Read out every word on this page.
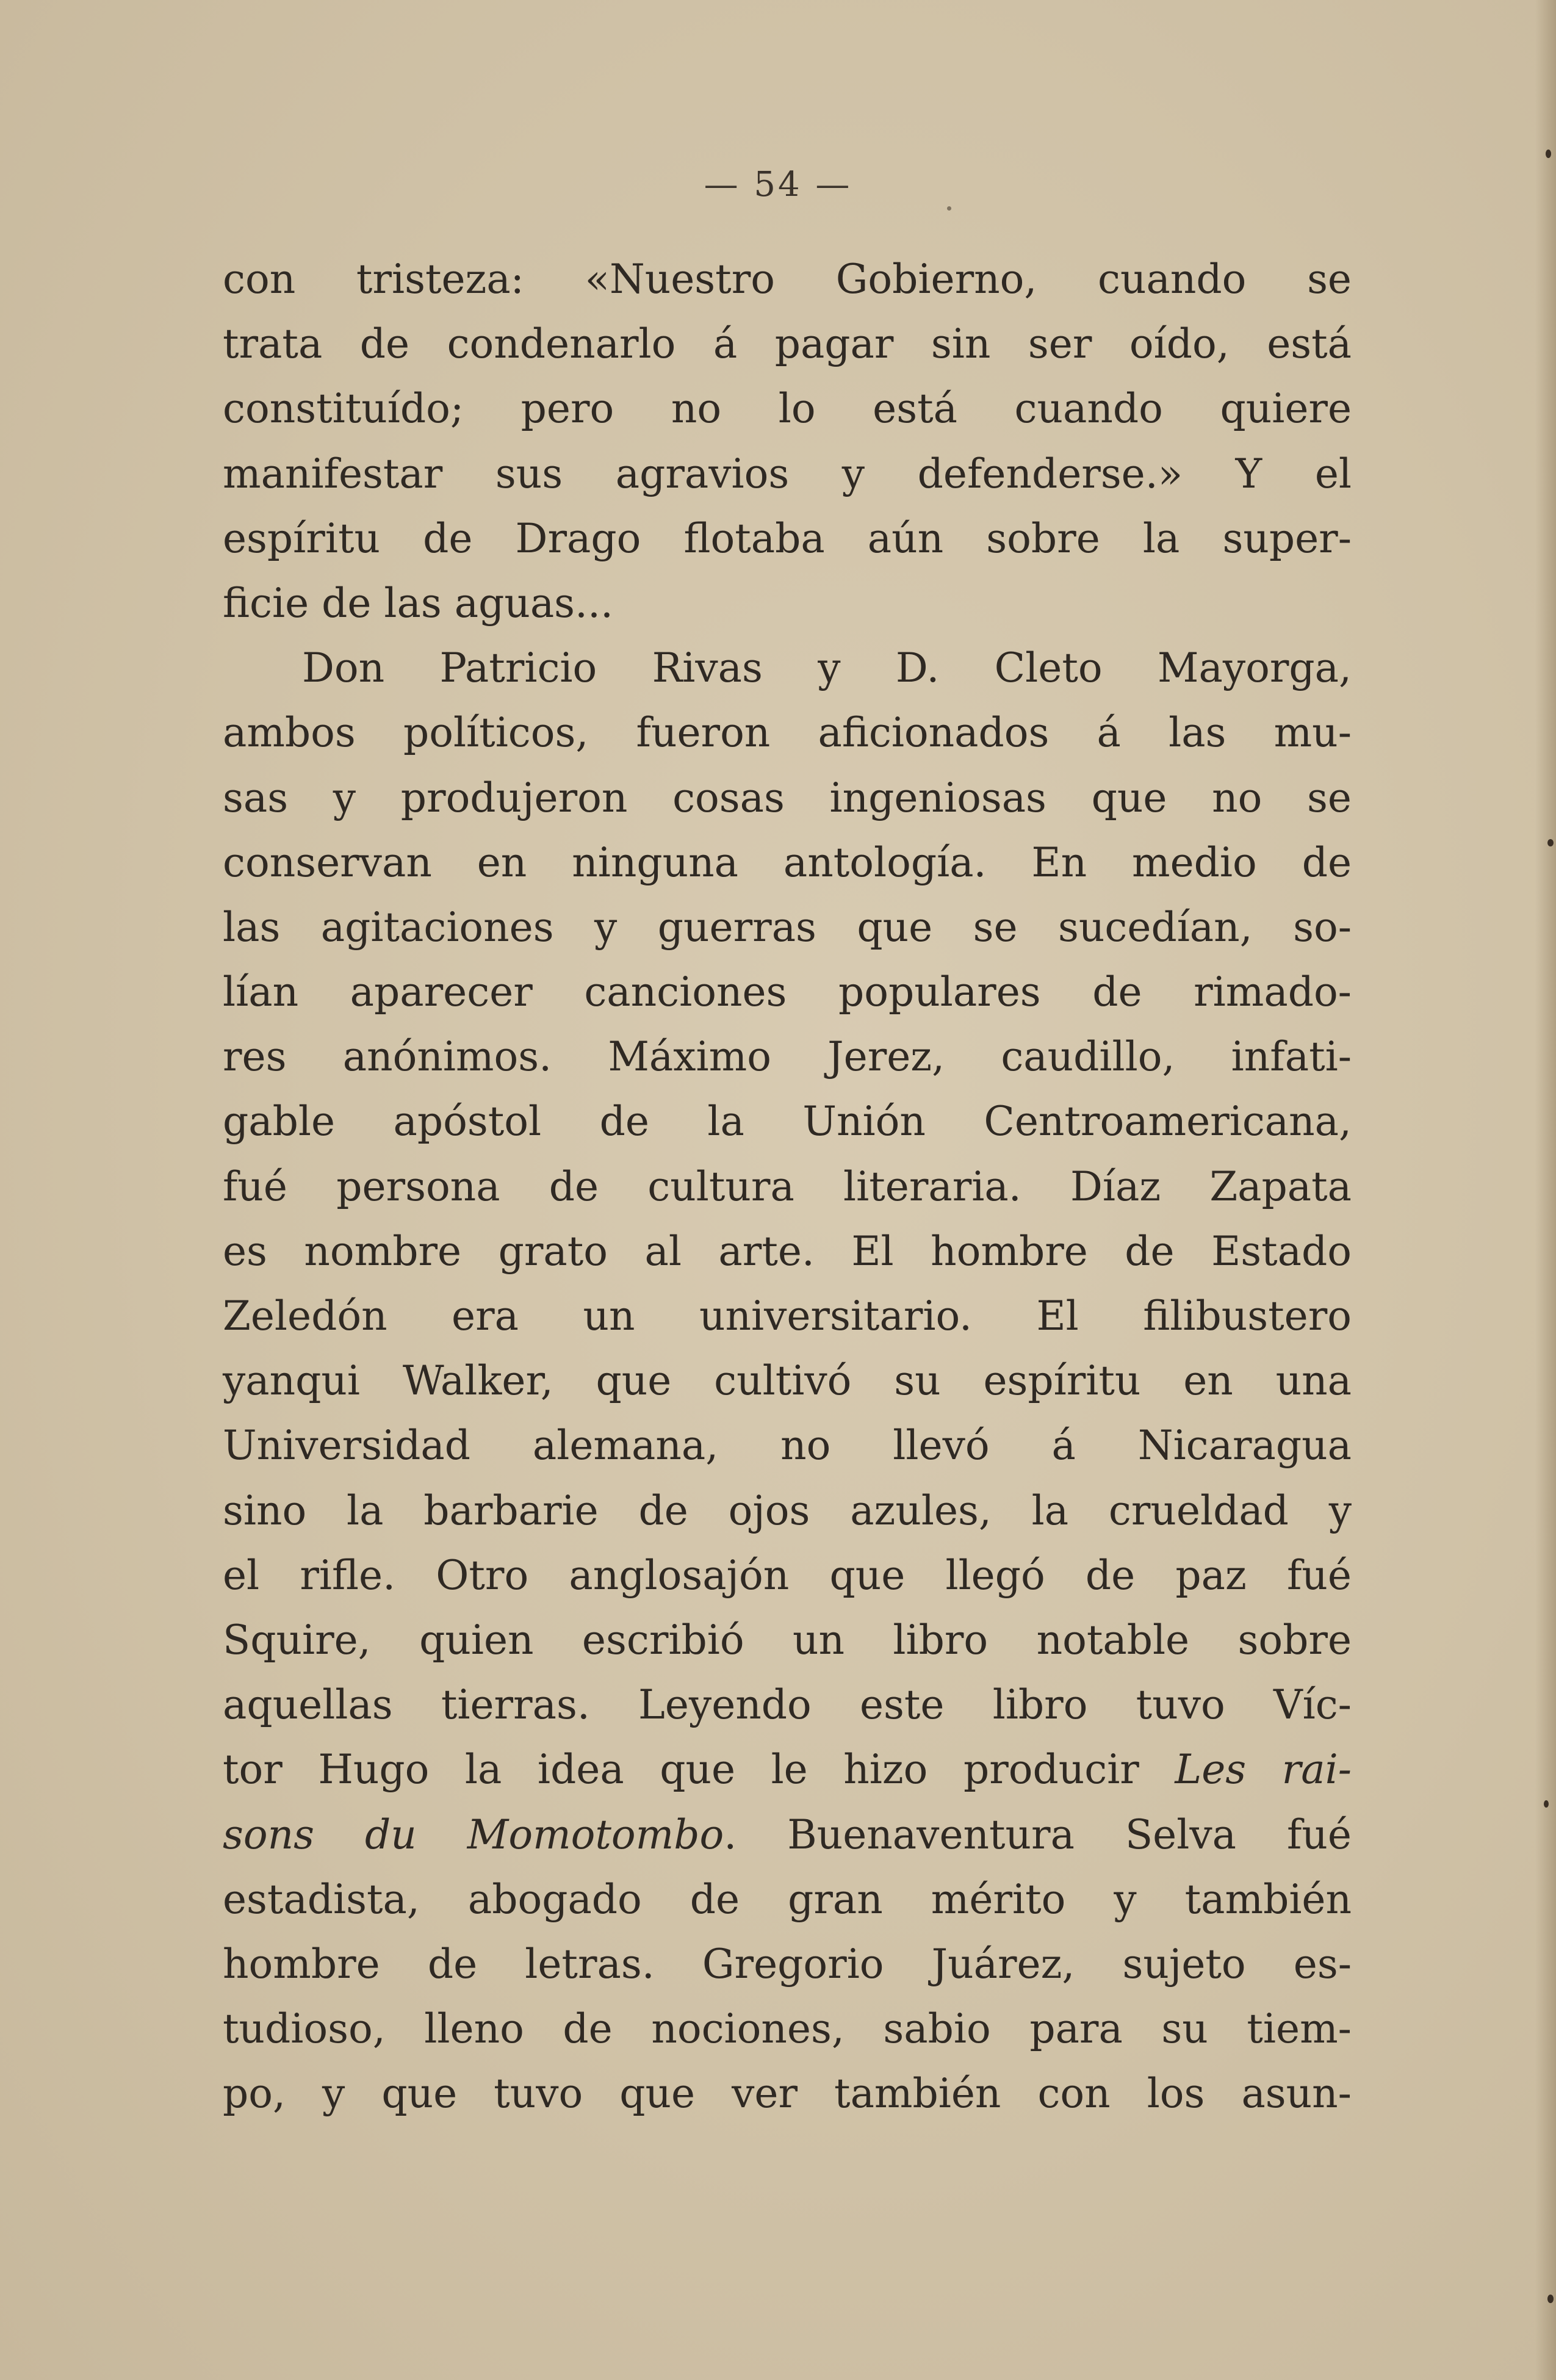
— 54 —
con tristeza: «Nuestro Gobierno, cuando se
trata de condenarlo á pagar sin ser oído, está
constituído; pero no lo está cuando quiere
manifestar sus agravios y defenderse.» Y el
espíritu de Drago flotaba aún sobre la super-
ficie de las aguas...
Don Patricio Rivas y D. Cleto Mayorga,
ambos políticos, fueron aficionados á las mu-
sas y produjeron cosas ingeniosas que no se
conservan en ninguna antología. En medio de
las agitaciones y guerras que se sucedían, so-
lían aparecer canciones populares de rimado-
res anónimos. Máximo Jerez, caudillo, infati-
gable apóstol de la Unión Centroamericana,
fué persona de cultura literaria. Díaz Zapata
es nombre grato al arte. El hombre de Estado
Zeledón era un universitario. El filibustero
yanqui Walker, que cultivó su espíritu en una
Universidad alemana, no llevó á Nicaragua
sino la barbarie de ojos azules, la crueldad y
el rifle. Otro anglosajón que llegó de paz fué
Squire, quien escribió un libro notable sobre
aquellas tierras. Leyendo este libro tuvo Víc-
tor Hugo la idea que le hizo producir Les rai-
sons du Momotombo. Buenaventura Selva fué
estadista, abogado de gran mérito y también
hombre de letras. Gregorio Juárez, sujeto es-
tudioso, lleno de nociones, sabio para su tiem-
po, y que tuvo que ver también con los asun-
